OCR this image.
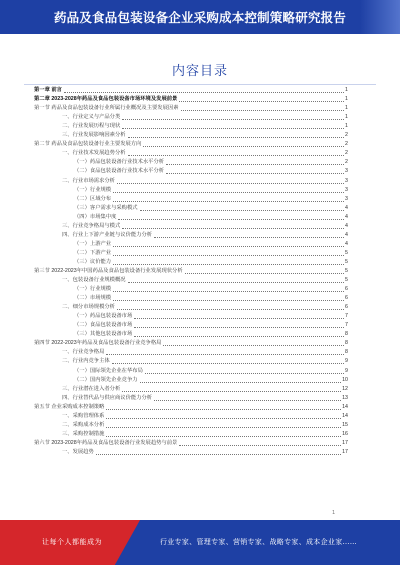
药品及食品包装设备企业采购成本控制策略研究报告
内容目录
第一章 前言	1
第二章 2023-2028年药品及食品包装设备市场环境及发展前景	1
第一节 药品及食品包装设备行业所属行业概况及主要发展因素	1
一、行业定义与产品分类	1
二、行业发展历程与现状	1
三、行业发展影响因素分析	2
第二节 药品及食品包装设备行业主要发展方向	2
一、行业技术发展趋势分析	2
（一）药品包装设备行业技术水平分析	2
（二）食品包装设备行业技术水平分析	3
二、行业市场需求分析	3
（一）行业规模	3
（二）区域分布	3
（三）客户需求与采购模式	4
（四）市场集中度	4
三、行业竞争格局与模式	4
四、行业上下游产业链与议价能力分析	4
（一）上游产业	4
（二）下游产业	5
（三）议价能力	5
第三节 2022-2023年中国药品及食品包装设备行业发展现状分析	5
一、包装设备行业规模概况	5
（一）行业规模	6
（二）市场规模	6
二、细分市场规模分析	6
（一）药品包装设备市场	7
（二）食品包装设备市场	7
（三）其他包装设备市场	8
第四节 2022-2023年药品及食品包装设备行业竞争格局	8
一、行业竞争格局	8
二、行业内竞争主体	9
（一）国际领先企业在华布局	9
（二）国内领先企业竞争力	10
三、行业潜在进入者分析	12
四、行业替代品与供应商议价能力分析	13
第五节 企业采购成本控制策略	14
一、采购管理体系	14
二、采购成本分析	15
三、采购控制措施	16
第六节 2023-2028年药品及食品包装设备行业发展趋势与前景	17
一、发展趋势	17
1
让每个人都能成为	行业专家、管理专家、营销专家、战略专家、成本企业家……
